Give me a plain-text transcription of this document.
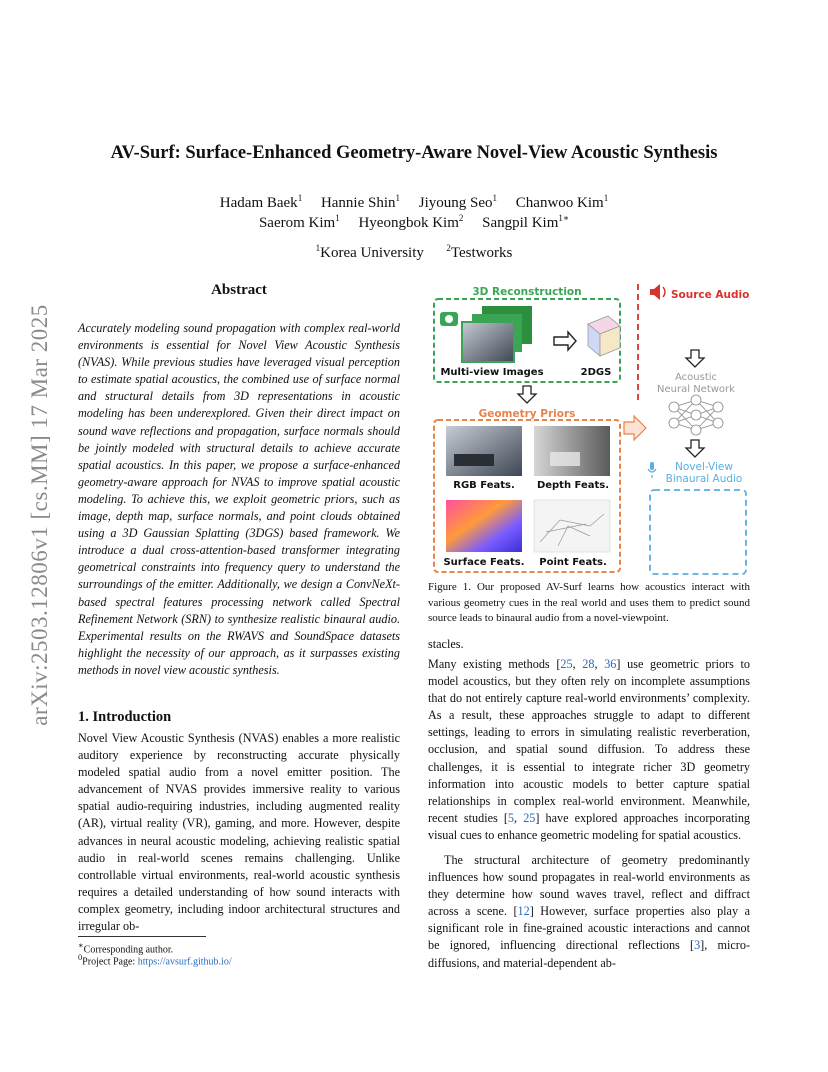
arXiv:2503.12806v1 [cs.MM] 17 Mar 2025
AV-Surf: Surface-Enhanced Geometry-Aware Novel-View Acoustic Synthesis
Hadam Baek$^1$ Hannie Shin$^1$ Jiyoung Seo$^1$ Chanwoo Kim$^1$
Saerom Kim$^1$ Hyeongbok Kim$^2$ Sangpil Kim$^{1∗}$
$^1$Korea University	$^2$Testworks
Abstract
Accurately modeling sound propagation with complex real-world environments is essential for Novel View Acoustic Synthesis (NVAS). While previous studies have leveraged visual perception to estimate spatial acoustics, the combined use of surface normal and structural details from 3D representations in acoustic modeling has been underexplored. Given their direct impact on sound wave reflections and propagation, surface normals should be jointly modeled with structural details to achieve accurate spatial acoustics. In this paper, we propose a surface-enhanced geometry-aware approach for NVAS to improve spatial acoustic modeling. To achieve this, we exploit geometric priors, such as image, depth map, surface normals, and point clouds obtained using a 3D Gaussian Splatting (3DGS) based framework. We introduce a dual cross-attention-based transformer integrating geometrical constraints into frequency query to understand the surroundings of the emitter. Additionally, we design a ConvNeXt-based spectral features processing network called Spectral Refinement Network (SRN) to synthesize realistic binaural audio. Experimental results on the RWAVS and SoundSpace datasets highlight the necessity of our approach, as it surpasses existing methods in novel view acoustic synthesis.
1. Introduction
Novel View Acoustic Synthesis (NVAS) enables a more realistic auditory experience by reconstructing accurate physically modeled spatial audio from a novel emitter position. The advancement of NVAS provides immersive reality to various spatial audio-requiring industries, including augmented reality (AR), virtual reality (VR), gaming, and more. However, despite advances in neural acoustic modeling, achieving realistic spatial audio in real-world scenes remains challenging. Unlike controllable virtual environments, real-world acoustic synthesis requires a detailed understanding of how sound interacts with complex geometry, including indoor architectural structures and irregular ob-
∗Corresponding author.
$^0$Project Page: https://avsurf.github.io/
3D Reconstruction
Multi-view Images	2DGS
Geometry Priors
RGB Feats. Depth Feats.
Surface Feats. Point Feats.
Source Audio
Acoustic
Neural Network
Novel-View
Binaural Audio
Figure 1. Our proposed AV-Surf learns how acoustics interact with various geometry cues in the real world and uses them to predict sound source leads to binaural audio from a novel-viewpoint.
stacles.
Many existing methods [25, 28, 36] use geometric priors to model acoustics, but they often rely on incomplete assumptions that do not entirely capture real-world environments’ complexity. As a result, these approaches struggle to adapt to different settings, leading to errors in simulating realistic reverberation, occlusion, and spatial sound diffusion. To address these challenges, it is essential to integrate richer 3D geometry information into acoustic models to better capture spatial relationships in complex real-world environment. Meanwhile, recent studies [5, 25] have explored approaches incorporating visual cues to enhance geometric modeling for spatial acoustics.
The structural architecture of geometry predominantly influences how sound propagates in real-world environments as they determine how sound waves travel, reflect and diffract across a scene. [12] However, surface properties also play a significant role in fine-grained acoustic interactions and cannot be ignored, influencing directional reflections [3], micro-diffusions, and material-dependent ab-
